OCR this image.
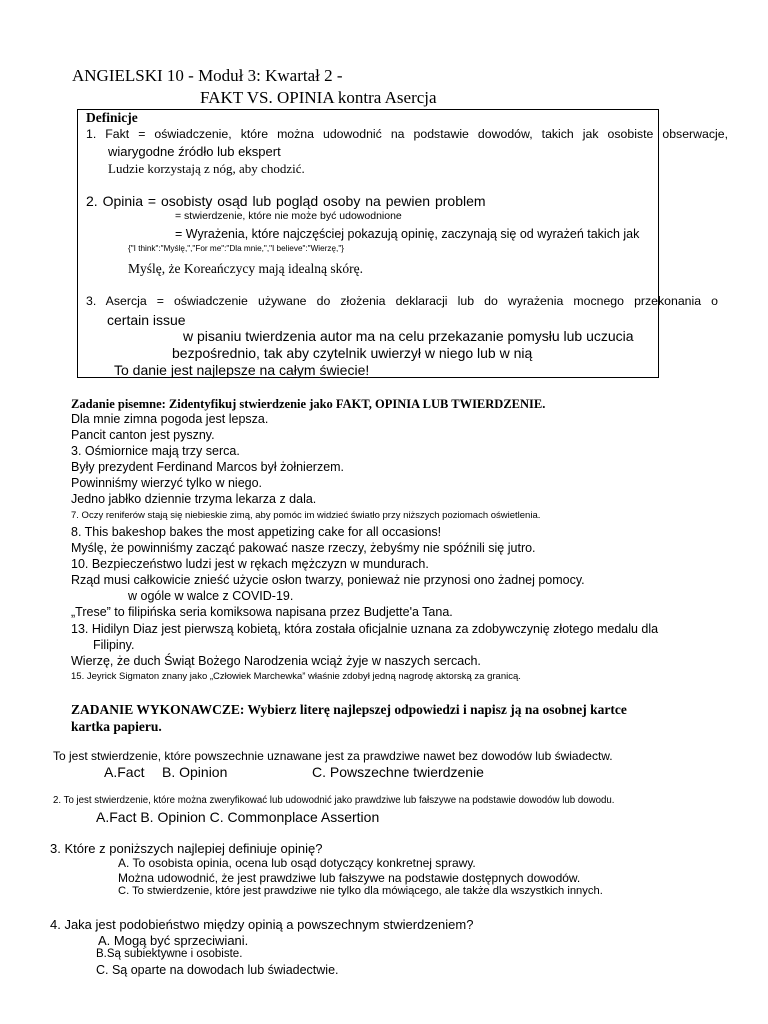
ANGIELSKI 10 - Moduł 3: Kwartał 2 -
FAKT VS. OPINIA kontra Asercja
Definicje
1. Fakt = oświadczenie, które można udowodnić na podstawie dowodów, takich jak osobiste obserwacje,
wiarygodne źródło lub ekspert
Ludzie korzystają z nóg, aby chodzić.
2. Opinia = osobisty osąd lub pogląd osoby na pewien problem
= stwierdzenie, które nie może być udowodnione
= Wyrażenia, które najczęściej pokazują opinię, zaczynają się od wyrażeń takich jak
{"I think":"Myślę,","For me":"Dla mnie,","I believe":"Wierzę,"}
Myślę, że Koreańczycy mają idealną skórę.
3. Asercja = oświadczenie używane do złożenia deklaracji lub do wyrażenia mocnego przekonania o
certain issue
w pisaniu twierdzenia autor ma na celu przekazanie pomysłu lub uczucia
bezpośrednio, tak aby czytelnik uwierzył w niego lub w nią
To danie jest najlepsze na całym świecie!
Zadanie pisemne: Zidentyfikuj stwierdzenie jako FAKT, OPINIA LUB TWIERDZENIE.
Dla mnie zimna pogoda jest lepsza.
Pancit canton jest pyszny.
3. Ośmiornice mają trzy serca.
Były prezydent Ferdinand Marcos był żołnierzem.
Powinniśmy wierzyć tylko w niego.
Jedno jabłko dziennie trzyma lekarza z dala.
7. Oczy reniferów stają się niebieskie zimą, aby pomóc im widzieć światło przy niższych poziomach oświetlenia.
8. This bakeshop bakes the most appetizing cake for all occasions!
Myślę, że powinniśmy zacząć pakować nasze rzeczy, żebyśmy nie spóźnili się jutro.
10. Bezpieczeństwo ludzi jest w rękach mężczyzn w mundurach.
Rząd musi całkowicie znieść użycie osłon twarzy, ponieważ nie przynosi ono żadnej pomocy.
w ogóle w walce z COVID-19.
„Trese” to filipińska seria komiksowa napisana przez Budjette'a Tana.
13. Hidilyn Diaz jest pierwszą kobietą, która została oficjalnie uznana za zdobywczynię złotego medalu dla
Filipiny.
Wierzę, że duch Świąt Bożego Narodzenia wciąż żyje w naszych sercach.
15. Jeyrick Sigmaton znany jako „Człowiek Marchewka” właśnie zdobył jedną nagrodę aktorską za granicą.
ZADANIE WYKONAWCZE: Wybierz literę najlepszej odpowiedzi i napisz ją na osobnej kartce
kartka papieru.
To jest stwierdzenie, które powszechnie uznawane jest za prawdziwe nawet bez dowodów lub świadectw.
A.Fact B. Opinion	C. Powszechne twierdzenie
2. To jest stwierdzenie, które można zweryfikować lub udowodnić jako prawdziwe lub fałszywe na podstawie dowodów lub dowodu.
A.Fact B. Opinion C. Commonplace Assertion
3. Które z poniższych najlepiej definiuje opinię?
A. To osobista opinia, ocena lub osąd dotyczący konkretnej sprawy.
Można udowodnić, że jest prawdziwe lub fałszywe na podstawie dostępnych dowodów.
C. To stwierdzenie, które jest prawdziwe nie tylko dla mówiącego, ale także dla wszystkich innych.
4. Jaka jest podobieństwo między opinią a powszechnym stwierdzeniem?
A. Mogą być sprzeciwiani.
B.Są subiektywne i osobiste.
C. Są oparte na dowodach lub świadectwie.
